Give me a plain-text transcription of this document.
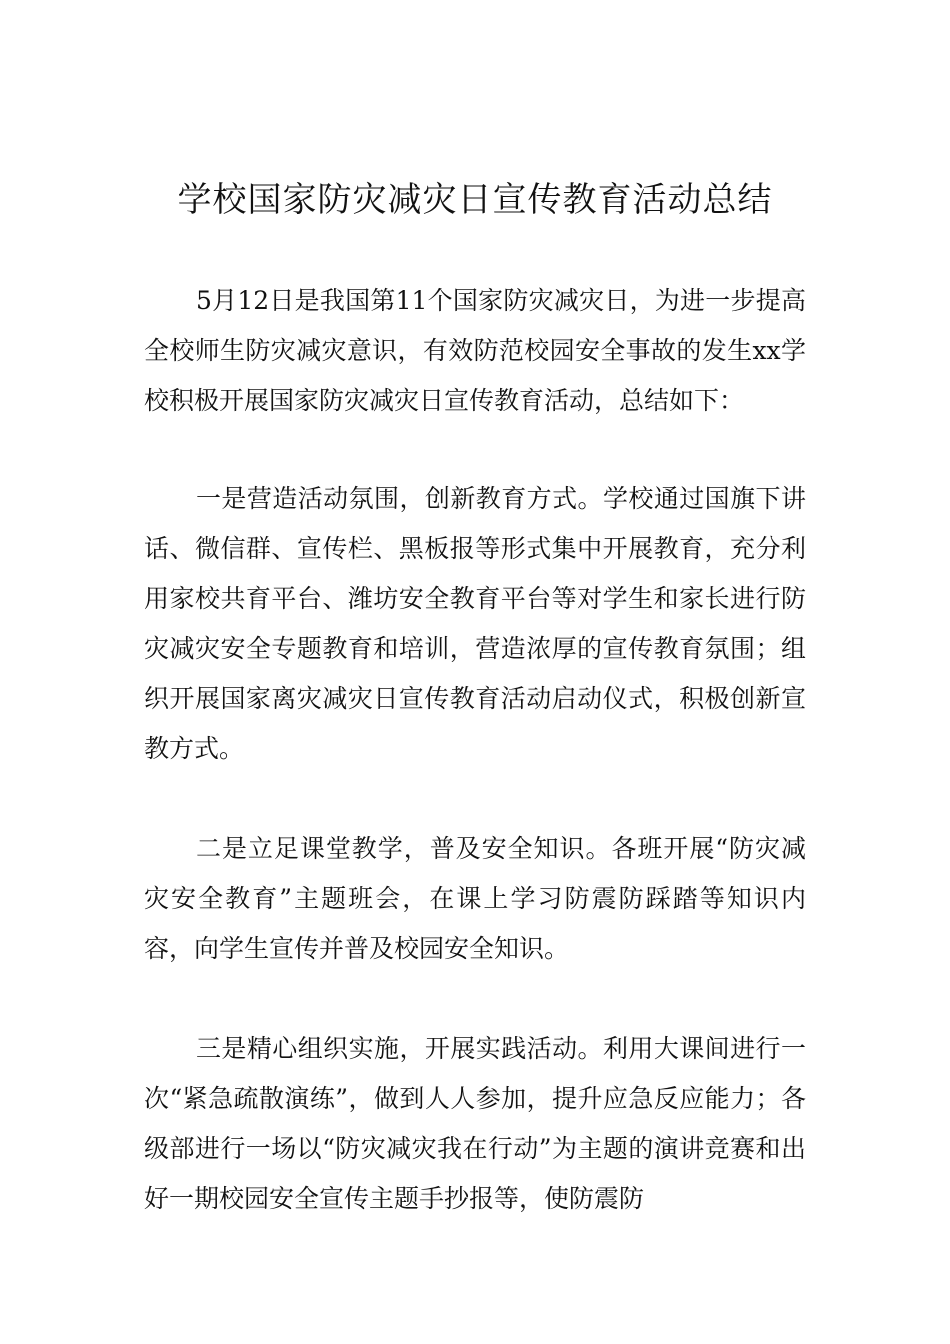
学校国家防灾减灾日宣传教育活动总结

5月12日是我国第11个国家防灾减灾日，为进一步提高全校师生防灾减灾意识，有效防范校园安全事故的发生xx学校积极开展国家防灾减灾日宣传教育活动，总结如下：

一是营造活动氛围，创新教育方式。学校通过国旗下讲话、微信群、宣传栏、黑板报等形式集中开展教育，充分利用家校共育平台、潍坊安全教育平台等对学生和家长进行防灾减灾安全专题教育和培训，营造浓厚的宣传教育氛围；组织开展国家离灾减灾日宣传教育活动启动仪式，积极创新宣教方式。

二是立足课堂教学，普及安全知识。各班开展“防灾减灾安全教育”主题班会，在课上学习防震防踩踏等知识内容，向学生宣传并普及校园安全知识。

三是精心组织实施，开展实践活动。利用大课间进行一次“紧急疏散演练”，做到人人参加，提升应急反应能力；各级部进行一场以“防灾减灾我在行动”为主题的演讲竞赛和出好一期校园安全宣传主题手抄报等，使防震防
